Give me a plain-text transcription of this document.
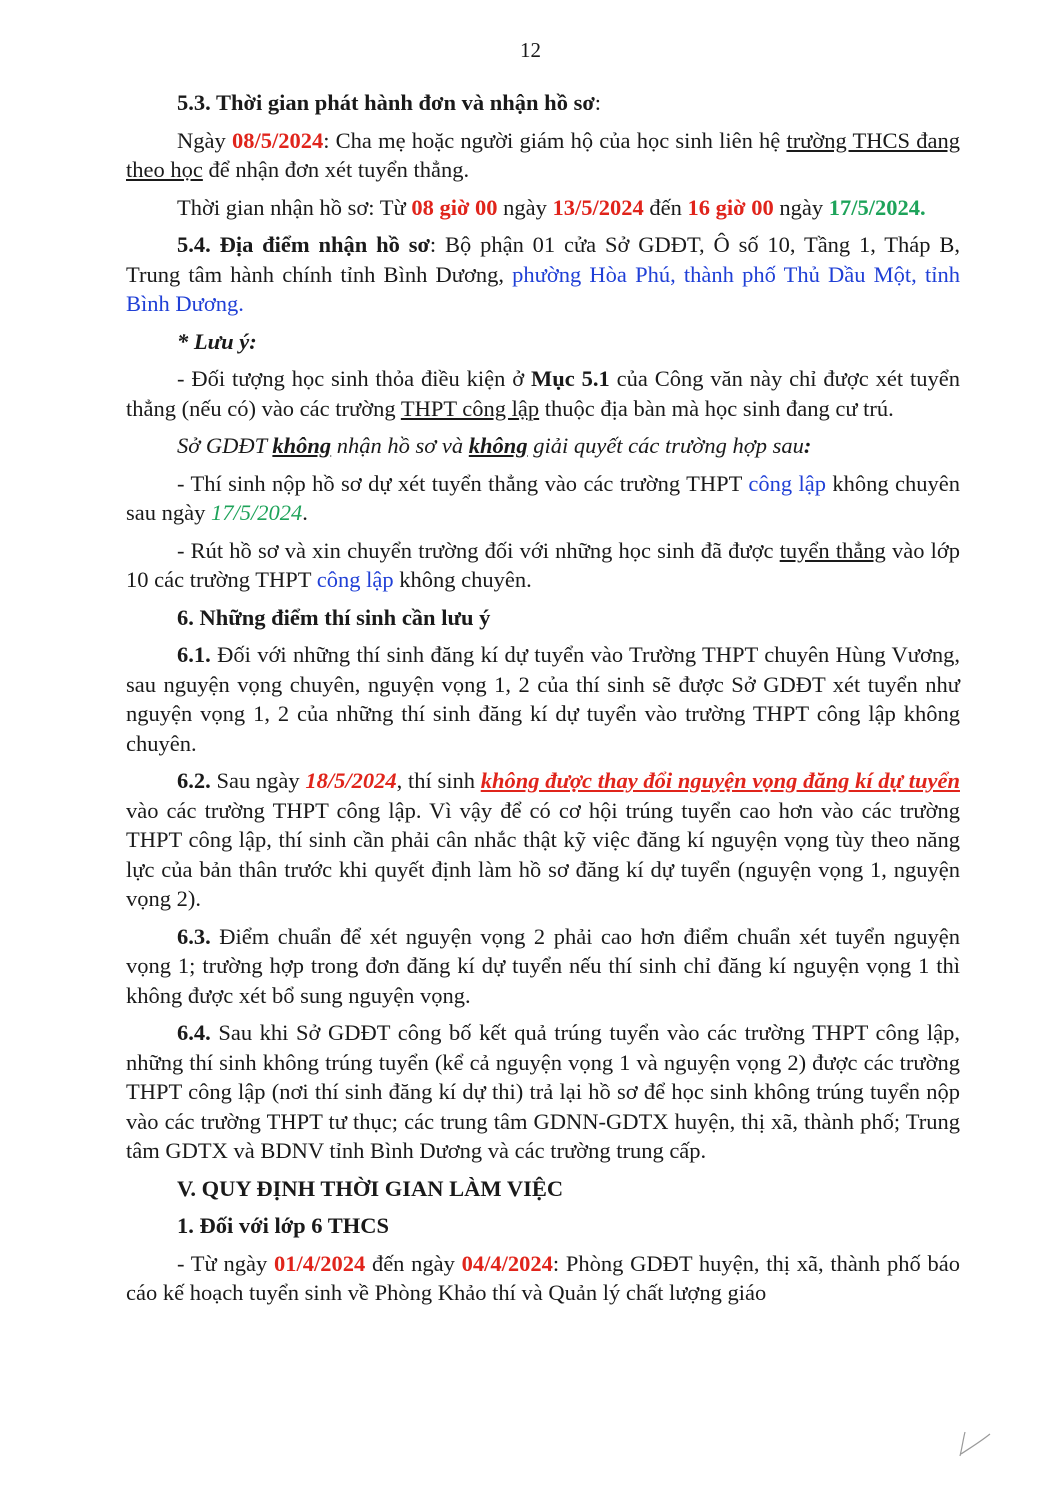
12

5.3. Thời gian phát hành đơn và nhận hồ sơ:

Ngày 08/5/2024: Cha mẹ hoặc người giám hộ của học sinh liên hệ trường THCS đang theo học để nhận đơn xét tuyển thẳng.

Thời gian nhận hồ sơ: Từ 08 giờ 00 ngày 13/5/2024 đến 16 giờ 00 ngày 17/5/2024.

5.4. Địa điểm nhận hồ sơ: Bộ phận 01 cửa Sở GDĐT, Ô số 10, Tầng 1, Tháp B, Trung tâm hành chính tỉnh Bình Dương, phường Hòa Phú, thành phố Thủ Dầu Một, tỉnh Bình Dương.

* Lưu ý:

- Đối tượng học sinh thỏa điều kiện ở Mục 5.1 của Công văn này chỉ được xét tuyển thẳng (nếu có) vào các trường THPT công lập thuộc địa bàn mà học sinh đang cư trú.

Sở GDĐT không nhận hồ sơ và không giải quyết các trường hợp sau:

- Thí sinh nộp hồ sơ dự xét tuyển thẳng vào các trường THPT công lập không chuyên sau ngày 17/5/2024.

- Rút hồ sơ và xin chuyển trường đối với những học sinh đã được tuyển thẳng vào lớp 10 các trường THPT công lập không chuyên.

6. Những điểm thí sinh cần lưu ý

6.1. Đối với những thí sinh đăng kí dự tuyển vào Trường THPT chuyên Hùng Vương, sau nguyện vọng chuyên, nguyện vọng 1, 2 của thí sinh sẽ được Sở GDĐT xét tuyển như nguyện vọng 1, 2 của những thí sinh đăng kí dự tuyển vào trường THPT công lập không chuyên.

6.2. Sau ngày 18/5/2024, thí sinh không được thay đổi nguyện vọng đăng kí dự tuyển vào các trường THPT công lập. Vì vậy để có cơ hội trúng tuyển cao hơn vào các trường THPT công lập, thí sinh cần phải cân nhắc thật kỹ việc đăng kí nguyện vọng tùy theo năng lực của bản thân trước khi quyết định làm hồ sơ đăng kí dự tuyển (nguyện vọng 1, nguyện vọng 2).

6.3. Điểm chuẩn để xét nguyện vọng 2 phải cao hơn điểm chuẩn xét tuyển nguyện vọng 1; trường hợp trong đơn đăng kí dự tuyển nếu thí sinh chỉ đăng kí nguyện vọng 1 thì không được xét bổ sung nguyện vọng.

6.4. Sau khi Sở GDĐT công bố kết quả trúng tuyển vào các trường THPT công lập, những thí sinh không trúng tuyển (kể cả nguyện vọng 1 và nguyện vọng 2) được các trường THPT công lập (nơi thí sinh đăng kí dự thi) trả lại hồ sơ để học sinh không trúng tuyển nộp vào các trường THPT tư thục; các trung tâm GDNN-GDTX huyện, thị xã, thành phố; Trung tâm GDTX và BDNV tỉnh Bình Dương và các trường trung cấp.

V. QUY ĐỊNH THỜI GIAN LÀM VIỆC

1. Đối với lớp 6 THCS

- Từ ngày 01/4/2024 đến ngày 04/4/2024: Phòng GDĐT huyện, thị xã, thành phố báo cáo kế hoạch tuyển sinh về Phòng Khảo thí và Quản lý chất lượng giáo
